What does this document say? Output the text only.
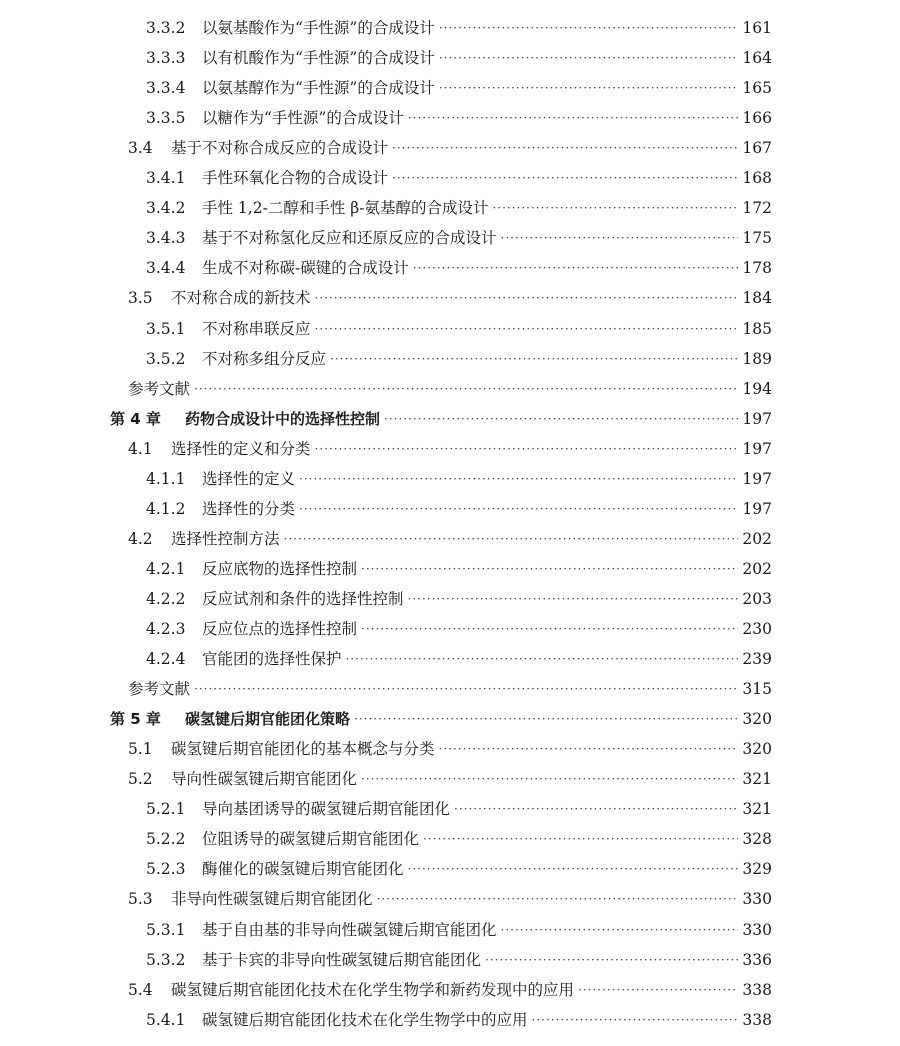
3.3.2 以氨基酸作为“手性源”的合成设计 ·····	161
3.3.3 以有机酸作为“手性源”的合成设计 ·····	164
3.3.4 以氨基醇作为“手性源”的合成设计 ·····	165
3.3.5 以糖作为“手性源”的合成设计 ·····	166
3.4 基于不对称合成反应的合成设计 ·····	167
3.4.1 手性环氧化合物的合成设计 ·····	168
3.4.2 手性 1,2-二醇和手性 β-氨基醇的合成设计 ·····	172
3.4.3 基于不对称氢化反应和还原反应的合成设计 ·····	175
3.4.4 生成不对称碳-碳键的合成设计 ·····	178
3.5 不对称合成的新技术 ·····	184
3.5.1 不对称串联反应 ·····	185
3.5.2 不对称多组分反应 ·····	189
参考文献 ·····	194
第 4 章 药物合成设计中的选择性控制 ·····	197
4.1 选择性的定义和分类 ·····	197
4.1.1 选择性的定义 ·····	197
4.1.2 选择性的分类 ·····	197
4.2 选择性控制方法 ·····	202
4.2.1 反应底物的选择性控制 ·····	202
4.2.2 反应试剂和条件的选择性控制 ·····	203
4.2.3 反应位点的选择性控制 ·····	230
4.2.4 官能团的选择性保护 ·····	239
参考文献 ·····	315
第 5 章 碳氢键后期官能团化策略 ·····	320
5.1 碳氢键后期官能团化的基本概念与分类 ·····	320
5.2 导向性碳氢键后期官能团化 ·····	321
5.2.1 导向基团诱导的碳氢键后期官能团化 ·····	321
5.2.2 位阻诱导的碳氢键后期官能团化 ·····	328
5.2.3 酶催化的碳氢键后期官能团化 ·····	329
5.3 非导向性碳氢键后期官能团化 ·····	330
5.3.1 基于自由基的非导向性碳氢键后期官能团化 ·····	330
5.3.2 基于卡宾的非导向性碳氢键后期官能团化 ·····	336
5.4 碳氢键后期官能团化技术在化学生物学和新药发现中的应用 ·····	338
5.4.1 碳氢键后期官能团化技术在化学生物学中的应用 ·····	338
